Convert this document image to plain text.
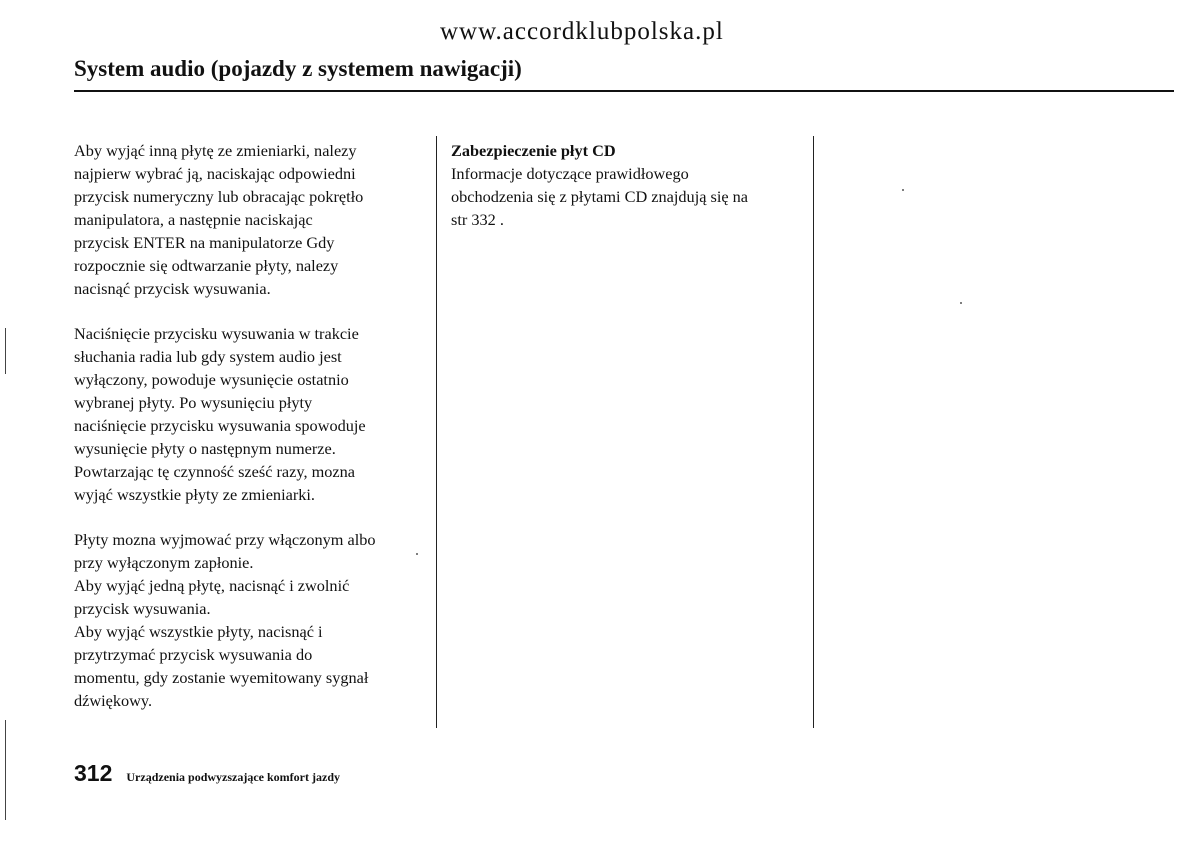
www.accordklubpolska.pl
System audio (pojazdy z systemem nawigacji)

Aby wyjąć inną płytę ze zmieniarki, nalezy
najpierw wybrać ją, naciskając odpowiedni
przycisk numeryczny lub obracając pokrętło
manipulatora, a następnie naciskając
przycisk ENTER na manipulatorze Gdy
rozpocznie się odtwarzanie płyty, nalezy
nacisnąć przycisk wysuwania.

Naciśnięcie przycisku wysuwania w trakcie
słuchania radia lub gdy system audio jest
wyłączony, powoduje wysunięcie ostatnio
wybranej płyty. Po wysunięciu płyty
naciśnięcie przycisku wysuwania spowoduje
wysunięcie płyty o następnym numerze.
Powtarzając tę czynność sześć razy, mozna
wyjąć wszystkie płyty ze zmieniarki.

Płyty mozna wyjmować przy włączonym albo
przy wyłączonym zapłonie.
Aby wyjąć jedną płytę, nacisnąć i zwolnić
przycisk wysuwania.
Aby wyjąć wszystkie płyty, nacisnąć i
przytrzymać przycisk wysuwania do
momentu, gdy zostanie wyemitowany sygnał
dźwiękowy.

Zabezpieczenie płyt CD
Informacje dotyczące prawidłowego
obchodzenia się z płytami CD znajdują się na
str 332 .
312 Urządzenia podwyzszające komfort jazdy
